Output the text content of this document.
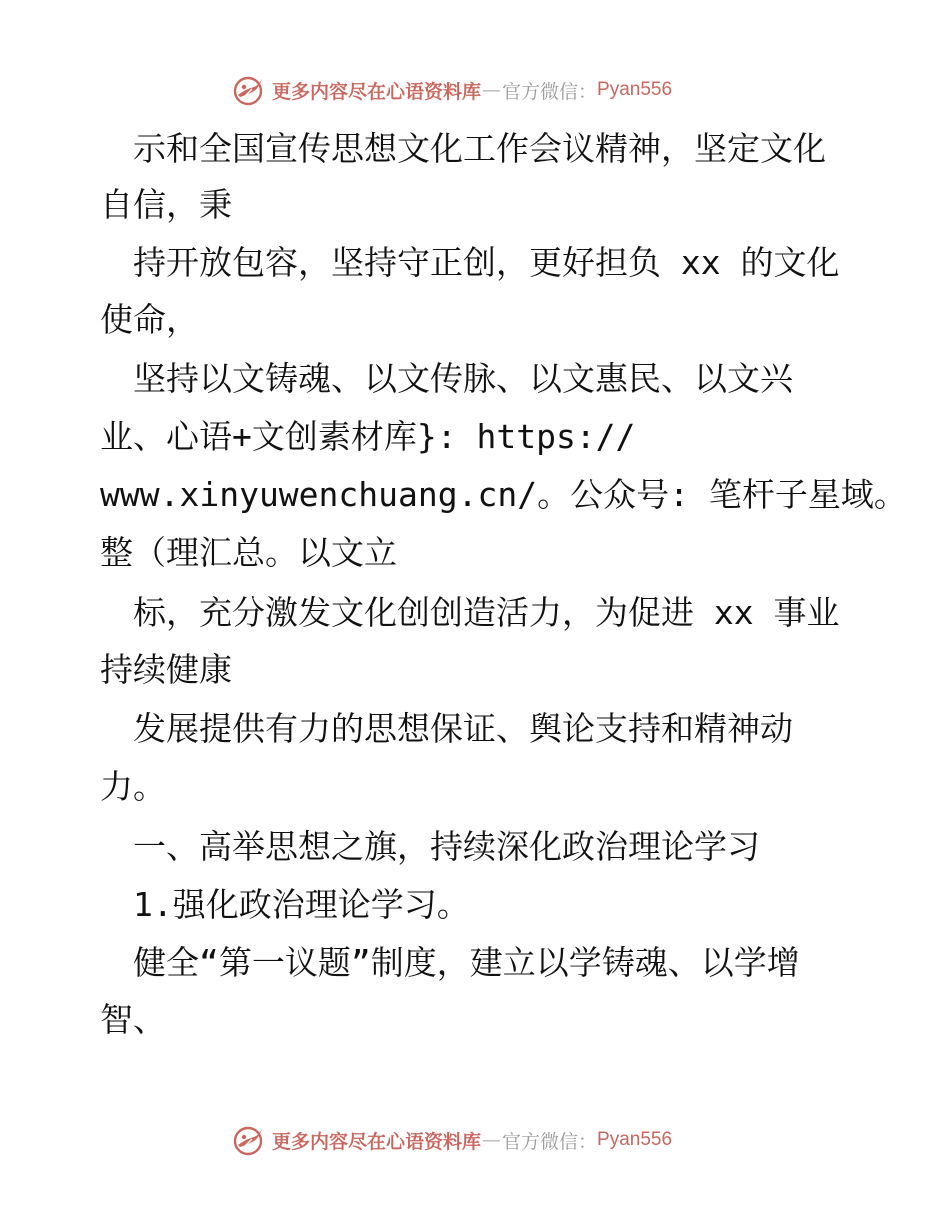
更多内容尽在心语资料库 — 官方微信： Pyan556
　示和全国宣传思想文化工作会议精神，坚定文化
自信，秉
　持开放包容，坚持守正创，更好担负 xx 的文化
使命，
　坚持以文铸魂、以文传脉、以文惠民、以文兴
业、心语+文创素材库}: https://
www.xinyuwenchuang.cn/。公众号: 笔杆子星域。
整（理汇总。以文立
　标，充分激发文化创创造活力，为促进 xx 事业
持续健康
　发展提供有力的思想保证、舆论支持和精神动
力。
　一、高举思想之旗，持续深化政治理论学习
　1.强化政治理论学习。
　健全“第一议题”制度，建立以学铸魂、以学增
智、
更多内容尽在心语资料库 — 官方微信： Pyan556
